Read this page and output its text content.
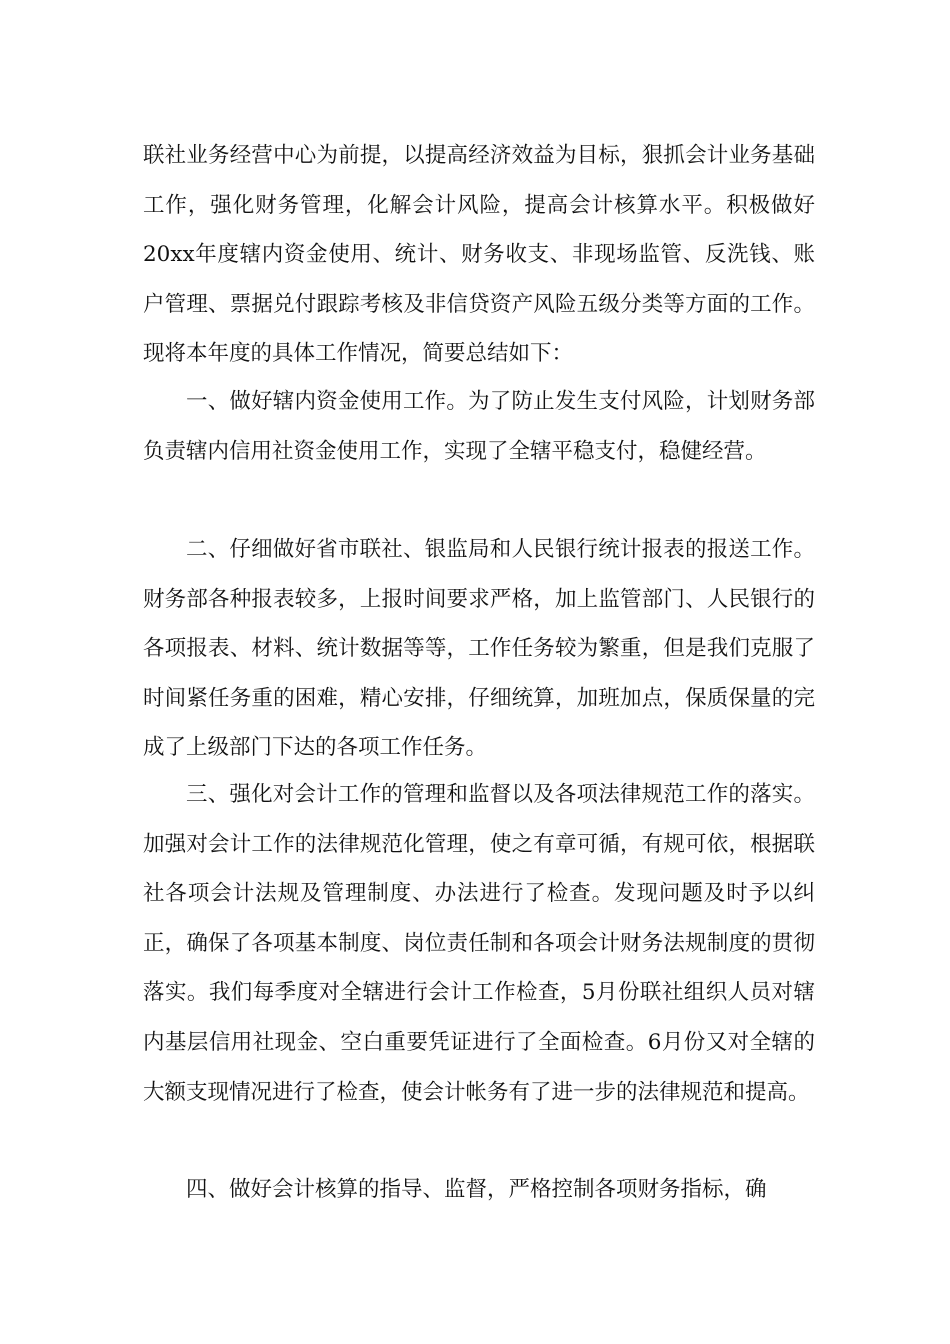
联社业务经营中心为前提，以提高经济效益为目标，狠抓会计业务基础工作，强化财务管理，化解会计风险，提高会计核算水平。积极做好20xx年度辖内资金使用、统计、财务收支、非现场监管、反洗钱、账户管理、票据兑付跟踪考核及非信贷资产风险五级分类等方面的工作。现将本年度的具体工作情况，简要总结如下：

一、做好辖内资金使用工作。为了防止发生支付风险，计划财务部负责辖内信用社资金使用工作，实现了全辖平稳支付，稳健经营。

二、仔细做好省市联社、银监局和人民银行统计报表的报送工作。财务部各种报表较多，上报时间要求严格，加上监管部门、人民银行的各项报表、材料、统计数据等等，工作任务较为繁重，但是我们克服了时间紧任务重的困难，精心安排，仔细统算，加班加点，保质保量的完成了上级部门下达的各项工作任务。

三、强化对会计工作的管理和监督以及各项法律规范工作的落实。加强对会计工作的法律规范化管理，使之有章可循，有规可依，根据联社各项会计法规及管理制度、办法进行了检查。发现问题及时予以纠正，确保了各项基本制度、岗位责任制和各项会计财务法规制度的贯彻落实。我们每季度对全辖进行会计工作检查，5月份联社组织人员对辖内基层信用社现金、空白重要凭证进行了全面检查。6月份又对全辖的大额支现情况进行了检查，使会计帐务有了进一步的法律规范和提高。

四、做好会计核算的指导、监督，严格控制各项财务指标，确
